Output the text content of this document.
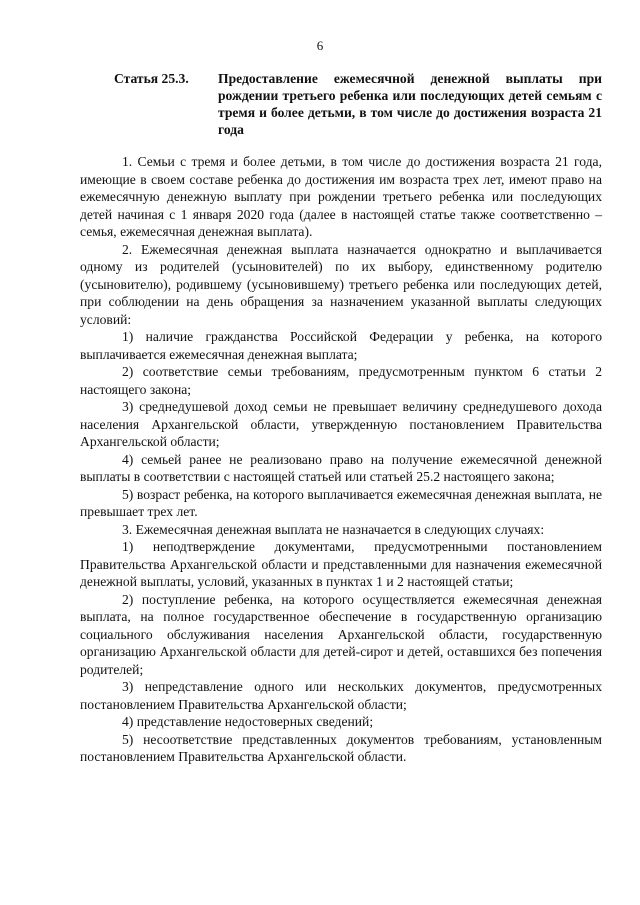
6
Статья 25.3.	Предоставление ежемесячной денежной выплаты при рождении третьего ребенка или последующих детей семьям с тремя и более детьми, в том числе до достижения возраста 21 года

1. Семьи с тремя и более детьми, в том числе до достижения возраста 21 года, имеющие в своем составе ребенка до достижения им возраста трех лет, имеют право на ежемесячную денежную выплату при рождении третьего ребенка или последующих детей начиная с 1 января 2020 года (далее в настоящей статье также соответственно – семья, ежемесячная денежная выплата).

2. Ежемесячная денежная выплата назначается однократно и выплачивается одному из родителей (усыновителей) по их выбору, единственному родителю (усыновителю), родившему (усыновившему) третьего ребенка или последующих детей, при соблюдении на день обращения за назначением указанной выплаты следующих условий:

1) наличие гражданства Российской Федерации у ребенка, на которого выплачивается ежемесячная денежная выплата;

2) соответствие семьи требованиям, предусмотренным пунктом 6 статьи 2 настоящего закона;

3) среднедушевой доход семьи не превышает величину среднедушевого дохода населения Архангельской области, утвержденную постановлением Правительства Архангельской области;

4) семьей ранее не реализовано право на получение ежемесячной денежной выплаты в соответствии с настоящей статьей или статьей 25.2 настоящего закона;

5) возраст ребенка, на которого выплачивается ежемесячная денежная выплата, не превышает трех лет.

3. Ежемесячная денежная выплата не назначается в следующих случаях:

1) неподтверждение документами, предусмотренными постановлением Правительства Архангельской области и представленными для назначения ежемесячной денежной выплаты, условий, указанных в пунктах 1 и 2 настоящей статьи;

2) поступление ребенка, на которого осуществляется ежемесячная денежная выплата, на полное государственное обеспечение в государственную организацию социального обслуживания населения Архангельской области, государственную организацию Архангельской области для детей-сирот и детей, оставшихся без попечения родителей;

3) непредставление одного или нескольких документов, предусмотренных постановлением Правительства Архангельской области;

4) представление недостоверных сведений;

5) несоответствие представленных документов требованиям, установленным постановлением Правительства Архангельской области.
